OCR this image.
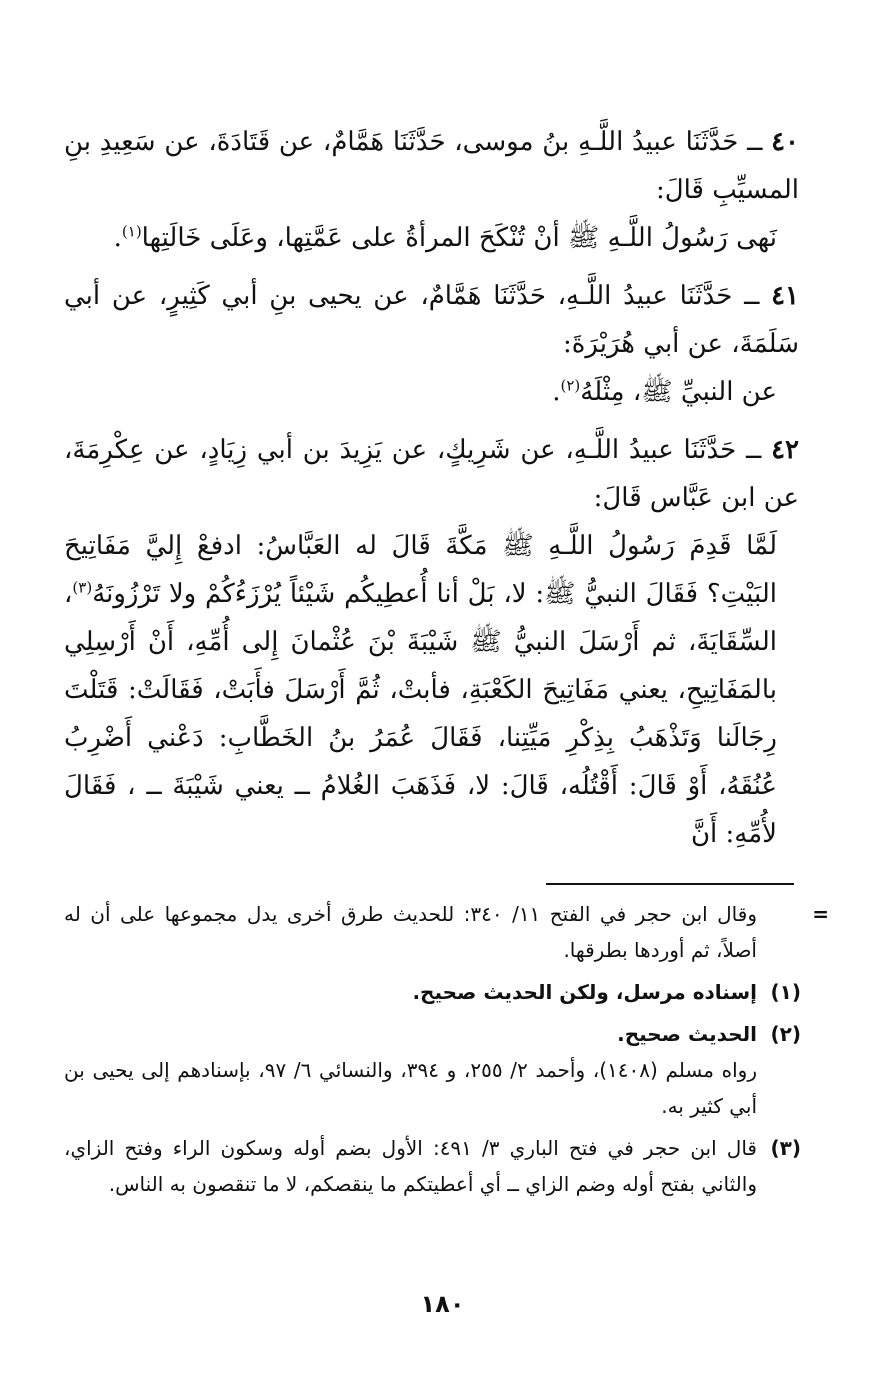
٤٠ ــ حَدَّثَنَا عبيدُ اللَّـهِ بنُ موسى، حَدَّثَنَا هَمَّامٌ، عن قَتَادَةَ، عن سَعِيدِ بنِ المسيِّبِ قَالَ:

نَهى رَسُولُ اللَّـهِ ﷺ أنْ تُنْكَحَ المرأةُ على عَمَّتِها، وعَلَى خَالَتِها$^{(١)}$.

٤١ ــ حَدَّثَنَا عبيدُ اللَّـهِ، حَدَّثَنَا هَمَّامٌ، عن يحيى بنِ أبي كَثِيرٍ، عن أبي سَلَمَةَ، عن أبي هُرَيْرَةَ:

عن النبيِّ ﷺ، مِثْلَهُ$^{(٢)}$.

٤٢ ــ حَدَّثَنَا عبيدُ اللَّـهِ، عن شَرِيكٍ، عن يَزِيدَ بن أبي زِيَادٍ، عن عِكْرِمَةَ، عن ابن عَبَّاس قَالَ:

لَمَّا قَدِمَ رَسُولُ اللَّـهِ ﷺ مَكَّةَ قَالَ له العَبَّاسُ: ادفعْ إِليَّ مَفَاتِيحَ البَيْتِ؟ فَقَالَ النبيُّ ﷺ: لا، بَلْ أنا أُعطِيكُم شَيْئاً يُرْزَءُكُمْ ولا تَرْزُونَهُ$^{(٣)}$، السِّقَايَةَ، ثم أَرْسَلَ النبيُّ ﷺ شَيْبَةَ بْنَ عُثْمانَ إِلى أُمِّهِ، أَنْ أَرْسِلِي بالمَفَاتِيحِ، يعني مَفَاتِيحَ الكَعْبَةِ، فأبتْ، ثُمَّ أَرْسَلَ فأَبَتْ، فَقَالَتْ: قَتَلْتَ رِجَالَنا وَتَذْهَبُ بِذِكْرِ مَيِّتِنا، فَقَالَ عُمَرُ بنُ الخَطَّابِ: دَعْني أَضْرِبُ عُنُقَهُ، أَوْ قَالَ: أَقْتُلُه، قَالَ: لا، فَذَهَبَ الغُلامُ ــ يعني شَيْبَةَ ــ ، فَقَالَ لأُمِّهِ: أَنَّ

=
وقال ابن حجر في الفتح ١١/ ٣٤٠: للحديث طرق أخرى يدل مجموعها على أن له أصلاً، ثم أوردها بطرقها.

(١)
إسناده مرسل، ولكن الحديث صحيح.

(٢)
الحديث صحيح.
رواه مسلم (١٤٠٨)، وأحمد ٢/ ٢٥٥، و ٣٩٤، والنسائي ٦/ ٩٧، بإسنادهم إلى يحيى بن أبي كثير به.

(٣)
قال ابن حجر في فتح الباري ٣/ ٤٩١: الأول بضم أوله وسكون الراء وفتح الزاي، والثاني بفتح أوله وضم الزاي ــ أي أعطيتكم ما ينقصكم، لا ما تنقصون به الناس.

١٨٠
